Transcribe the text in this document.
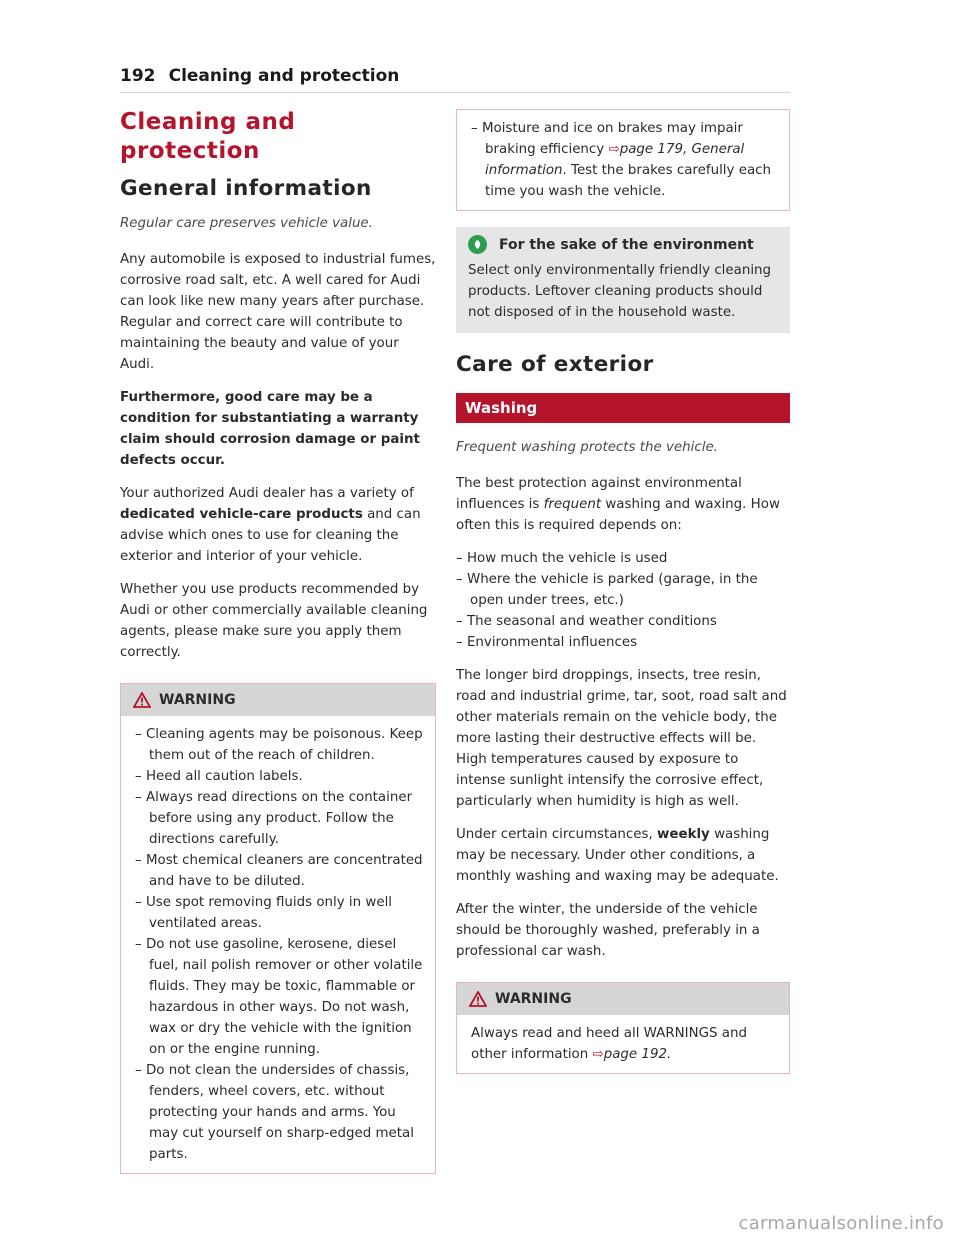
192 Cleaning and protection
Cleaning and
protection
General information

Regular care preserves vehicle value.

Any automobile is exposed to industrial fumes, corrosive road salt, etc. A well cared for Audi can look like new many years after purchase. Regular and correct care will contribute to maintaining the beauty and value of your Audi.

Furthermore, good care may be a condition for substantiating a warranty claim should corrosion damage or paint defects occur.

Your authorized Audi dealer has a variety of dedicated vehicle-care products and can advise which ones to use for cleaning the exterior and interior of your vehicle.

Whether you use products recommended by Audi or other commercially available cleaning agents, please make sure you apply them correctly.

WARNING
– Cleaning agents may be poisonous. Keep them out of the reach of children.
– Heed all caution labels.
– Always read directions on the container before using any product. Follow the directions carefully.
– Most chemical cleaners are concentrated and have to be diluted.
– Use spot removing fluids only in well ventilated areas.
– Do not use gasoline, kerosene, diesel fuel, nail polish remover or other volatile fluids. They may be toxic, flammable or hazardous in other ways. Do not wash, wax or dry the vehicle with the ignition on or the engine running.
– Do not clean the undersides of chassis, fenders, wheel covers, etc. without protecting your hands and arms. You may cut yourself on sharp-edged metal parts.
– Moisture and ice on brakes may impair braking efficiency ⇨page 179, General information. Test the brakes carefully each time you wash the vehicle.
For the sake of the environment

Select only environmentally friendly cleaning products. Leftover cleaning products should not disposed of in the household waste.

Care of exterior
Washing

Frequent washing protects the vehicle.

The best protection against environmental influences is frequent washing and waxing. How often this is required depends on:

– How much the vehicle is used
– Where the vehicle is parked (garage, in the open under trees, etc.)
– The seasonal and weather conditions
– Environmental influences

The longer bird droppings, insects, tree resin, road and industrial grime, tar, soot, road salt and other materials remain on the vehicle body, the more lasting their destructive effects will be. High temperatures caused by exposure to intense sunlight intensify the corrosive effect, particularly when humidity is high as well.

Under certain circumstances, weekly washing may be necessary. Under other conditions, a monthly washing and waxing may be adequate.

After the winter, the underside of the vehicle should be thoroughly washed, preferably in a professional car wash.

WARNING
Always read and heed all WARNINGS and other information ⇨page 192.
carmanualsonline.info
